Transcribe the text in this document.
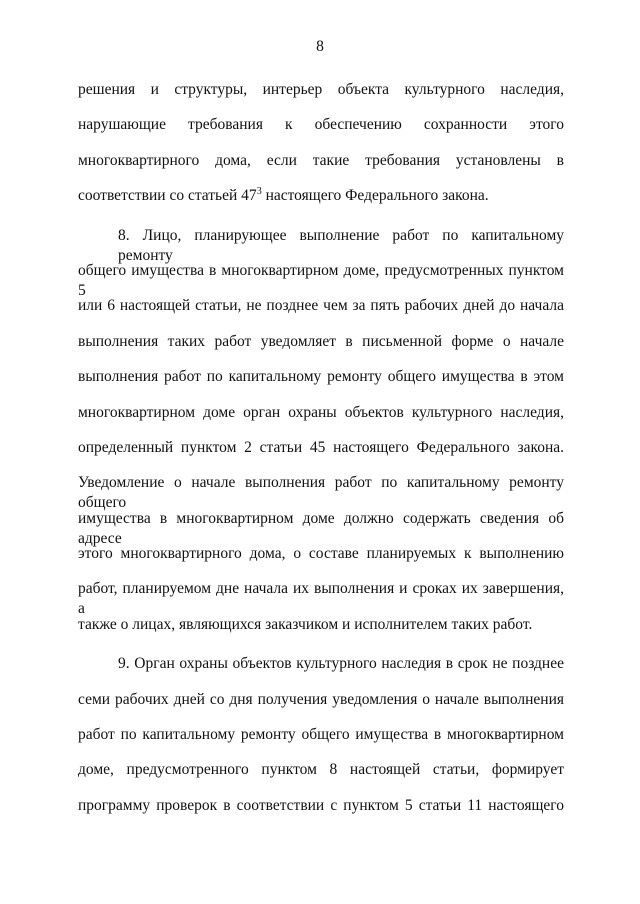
8
решения и структуры, интерьер объекта культурного наследия,
нарушающие требования к обеспечению сохранности этого
многоквартирного дома, если такие требования установлены в
соответствии со статьей $47^3$ настоящего Федерального закона.
8. Лицо, планирующее выполнение работ по капитальному ремонту
общего имущества в многоквартирном доме, предусмотренных пунктом 5
или 6 настоящей статьи, не позднее чем за пять рабочих дней до начала
выполнения таких работ уведомляет в письменной форме о начале
выполнения работ по капитальному ремонту общего имущества в этом
многоквартирном доме орган охраны объектов культурного наследия,
определенный пунктом 2 статьи 45 настоящего Федерального закона.
Уведомление о начале выполнения работ по капитальному ремонту общего
имущества в многоквартирном доме должно содержать сведения об адресе
этого многоквартирного дома, о составе планируемых к выполнению
работ, планируемом дне начала их выполнения и сроках их завершения, а
также о лицах, являющихся заказчиком и исполнителем таких работ.
9. Орган охраны объектов культурного наследия в срок не позднее
семи рабочих дней со дня получения уведомления о начале выполнения
работ по капитальному ремонту общего имущества в многоквартирном
доме, предусмотренного пунктом 8 настоящей статьи, формирует
программу проверок в соответствии с пунктом 5 статьи 11 настоящего
